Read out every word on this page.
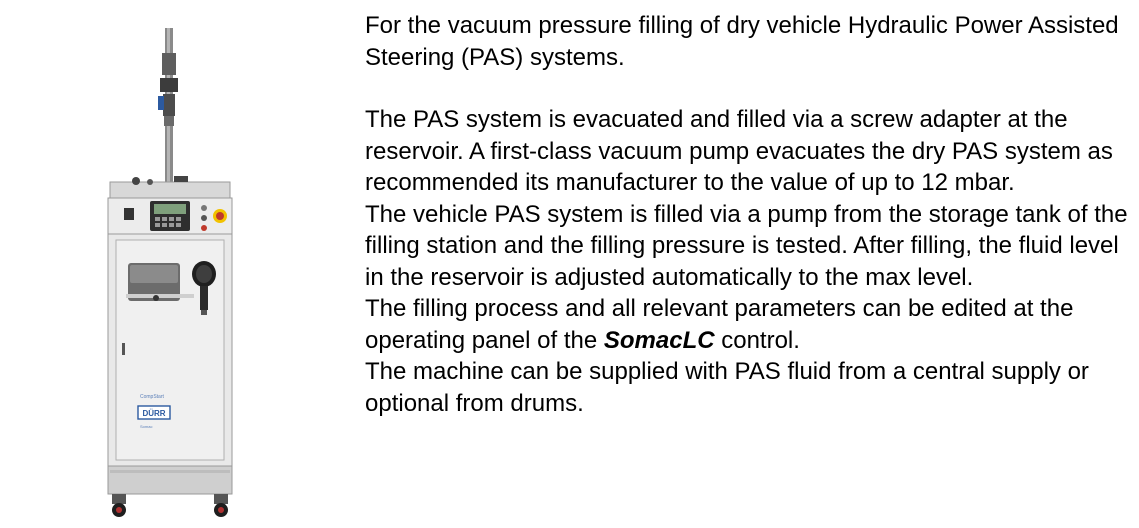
CompStart
DÜRR
Somac

For the vacuum pressure filling of dry vehicle Hydraulic Power Assisted Steering (PAS) systems.

The PAS system is evacuated and filled via a screw adapter at the reservoir. A first-class vacuum pump evacuates the dry PAS system as recommended its manufacturer to the value of up to 12 mbar.

The vehicle PAS system is filled via a pump from the storage tank of the filling station and the filling pressure is tested. After filling, the fluid level in the reservoir is adjusted automatically to the max level.

The filling process and all relevant parameters can be edited at the operating panel of the SomacLC control.

The machine can be supplied with PAS fluid from a central supply or optional from drums.
